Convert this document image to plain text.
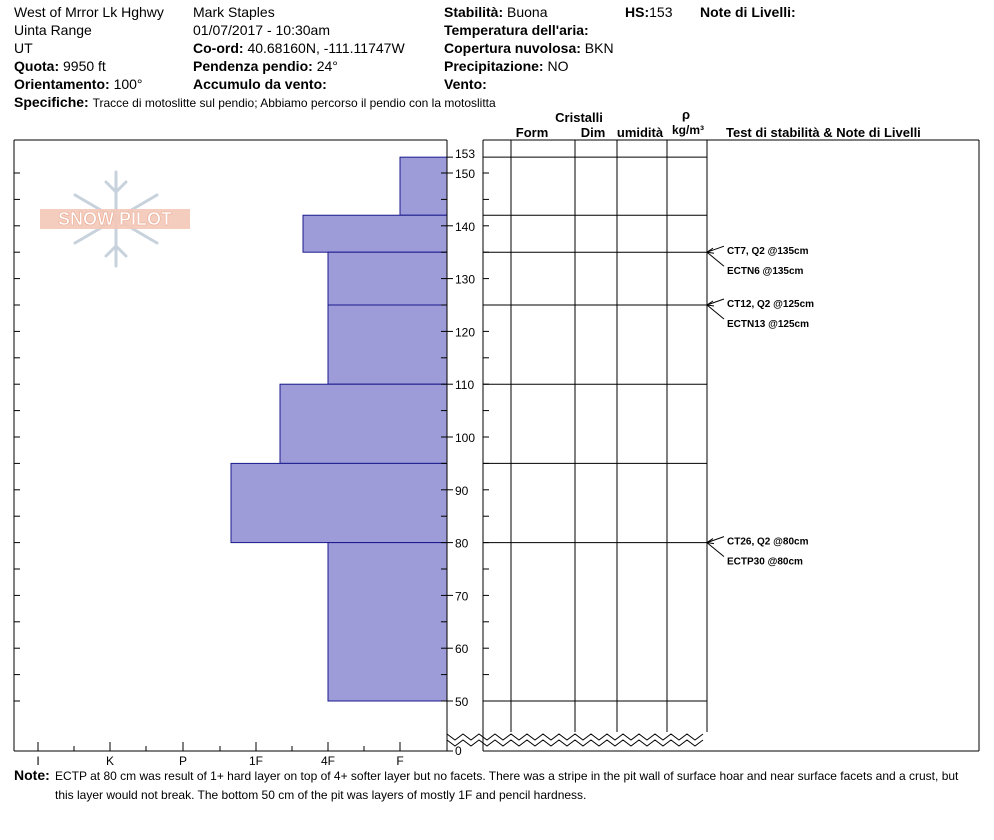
West of Mrror Lk Hghwy
Uinta Range
UT
Quota: 9950 ft
Orientamento: 100°
Specifiche: Tracce di motoslitte sul pendio; Abbiamo percorso il pendio con la motoslitta
Mark Staples
01/07/2017 - 10:30am
Co-ord: 40.68160N, -111.11747W
Pendenza pendio: 24°
Accumulo da vento:
Stabilità: Buona
Temperatura dell'aria:
Copertura nuvolosa: BKN
Precipitazione: NO
Vento:
HS:153 Note di Livelli:
Cristalli
Form	Dim umidità
ρ
kg/m³	Test di stabilità & Note di Livelli
SNOW PILOT
I	K	P	1F	4F	F
50
60
70
80
90
100
110
120
130
140
150
153
0
CT7, Q2 @135cm
ECTN6 @135cm
CT12, Q2 @125cm
ECTN13 @125cm
CT26, Q2 @80cm
ECTP30 @80cm
Note: ECTP at 80 cm was result of 1+ hard layer on top of 4+ softer layer but no facets. There was a stripe in the pit wall of surface hoar and near surface facets and a crust, but this layer would not break. The bottom 50 cm of the pit was layers of mostly 1F and pencil hardness.
